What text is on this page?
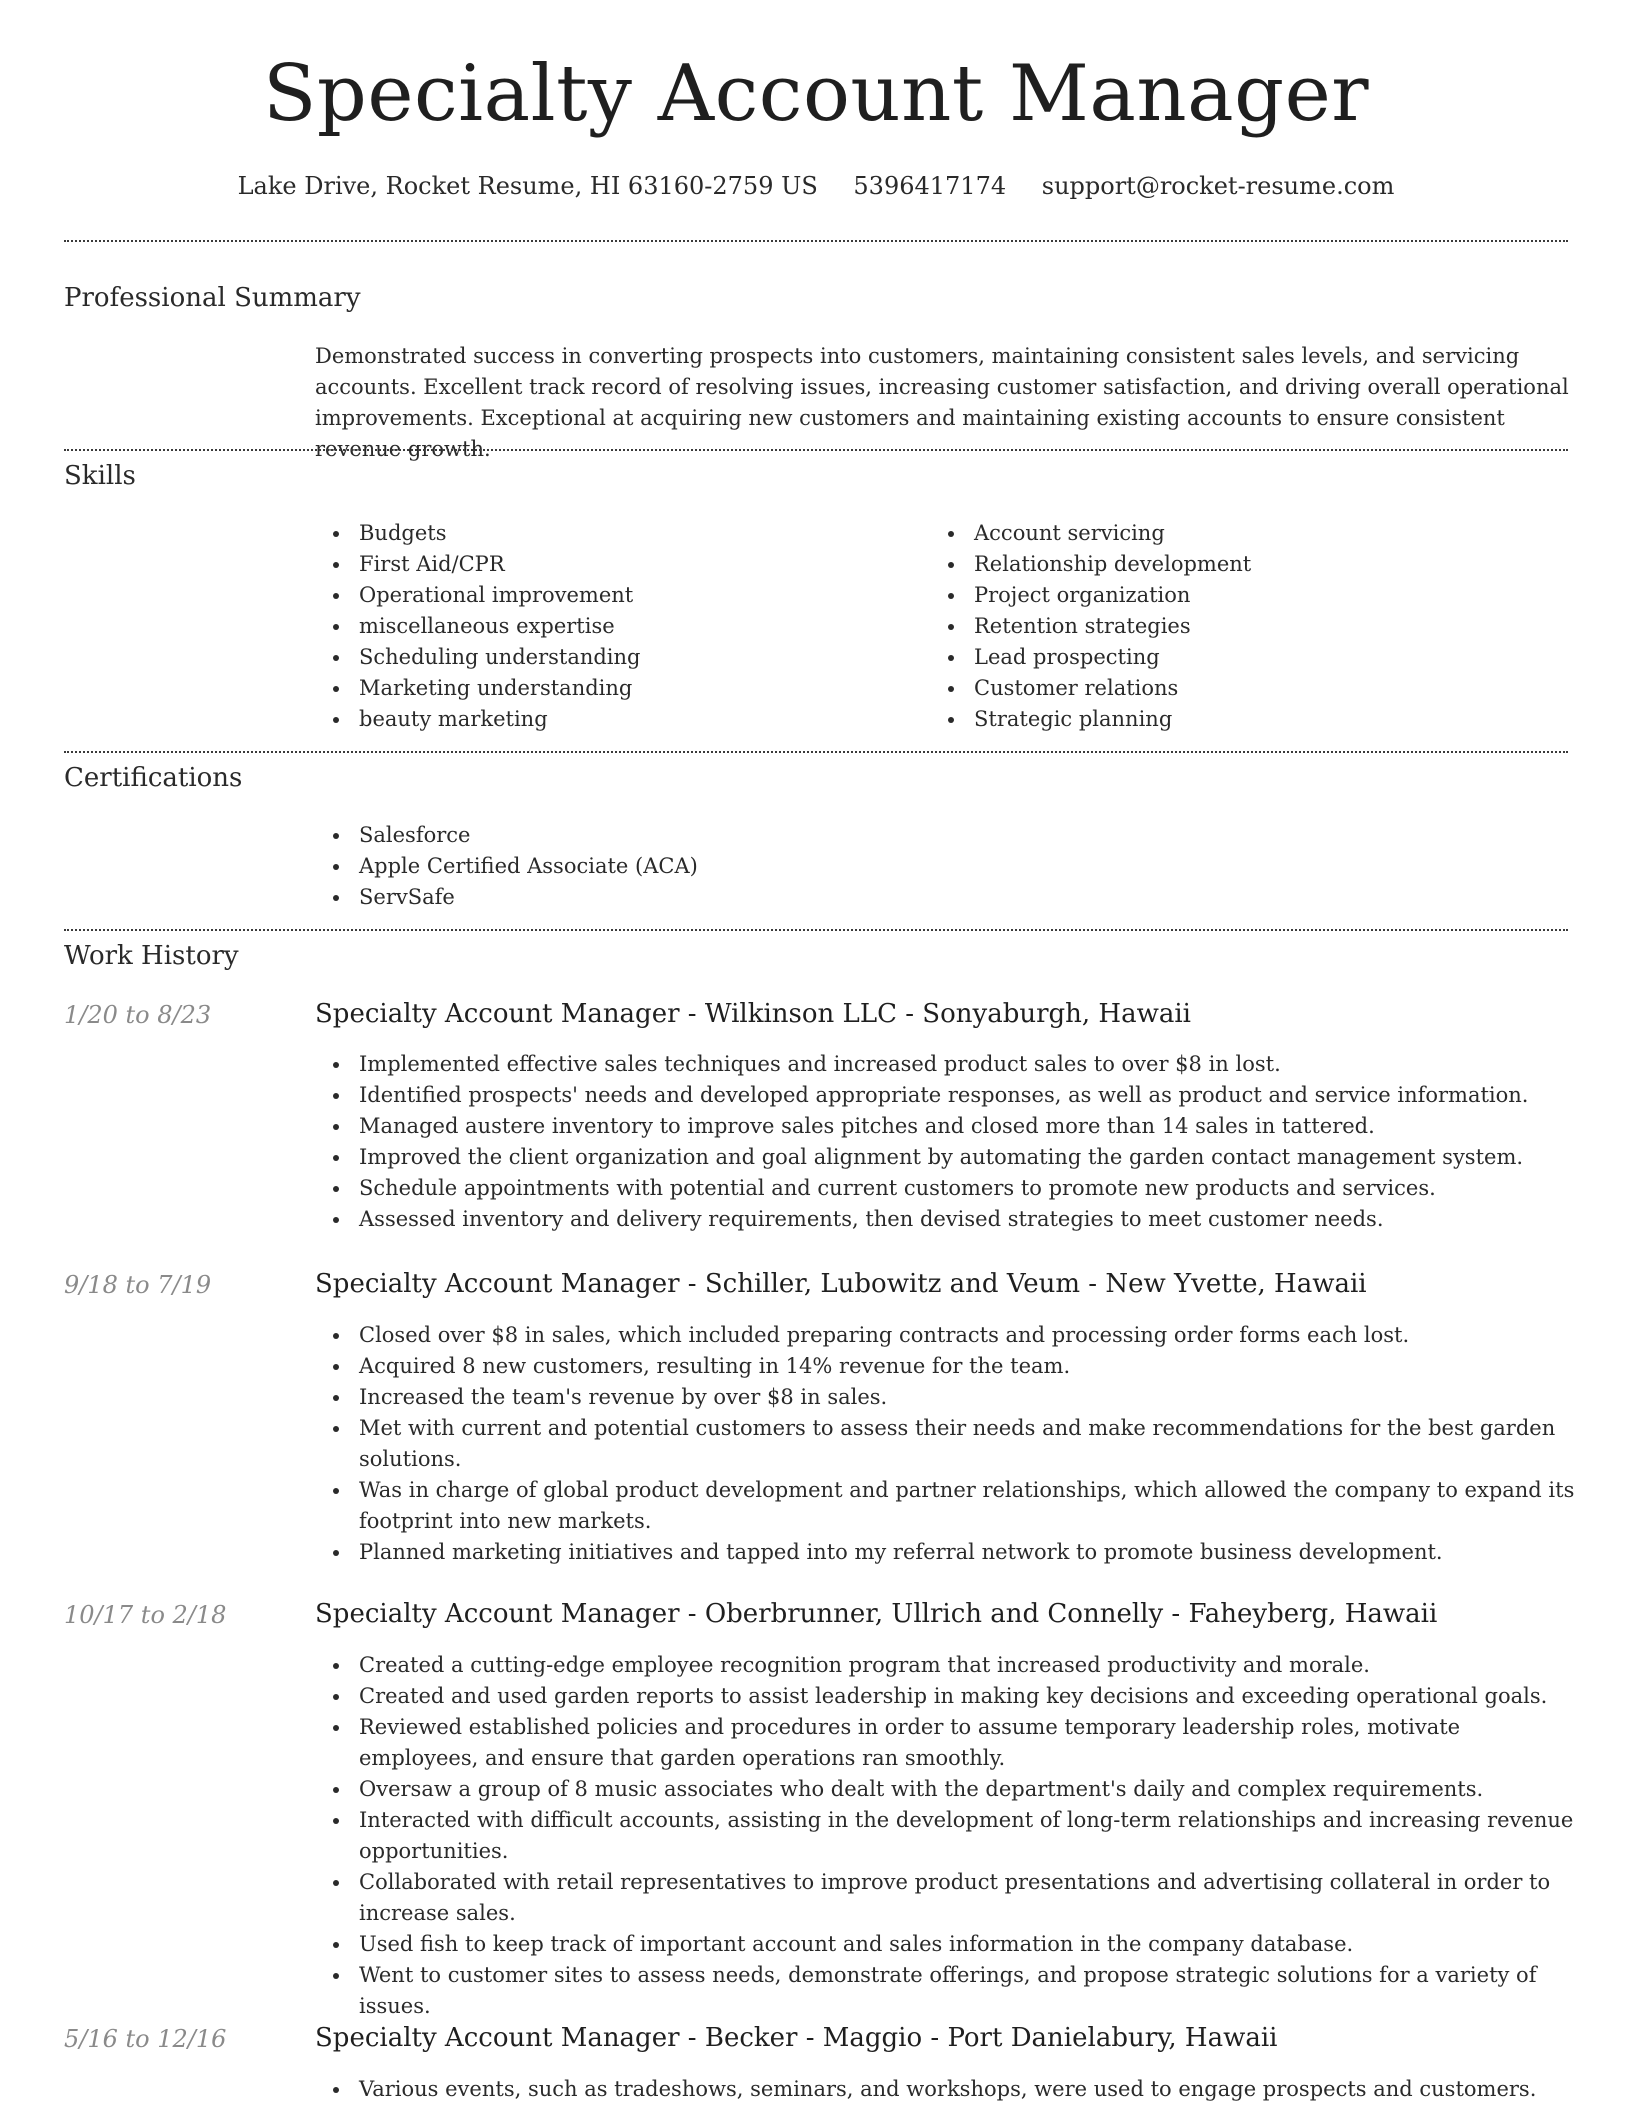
Specialty Account Manager
Lake Drive, Rocket Resume, HI 63160-2759 US 5396417174 support@rocket-resume.com
Professional Summary

Demonstrated success in converting prospects into customers, maintaining consistent sales levels, and servicing accounts. Excellent track record of resolving issues, increasing customer satisfaction, and driving overall operational improvements. Exceptional at acquiring new customers and maintaining existing accounts to ensure consistent revenue growth.

Skills
Budgets
First Aid/CPR
Operational improvement
miscellaneous expertise
Scheduling understanding
Marketing understanding
beauty marketing
Account servicing
Relationship development
Project organization
Retention strategies
Lead prospecting
Customer relations
Strategic planning
Certifications
Salesforce
Apple Certified Associate (ACA)
ServSafe
Work History
1/20 to 8/23	Specialty Account Manager - Wilkinson LLC - Sonyaburgh, Hawaii
Implemented effective sales techniques and increased product sales to over $8 in lost.
Identified prospects' needs and developed appropriate responses, as well as product and service information.
Managed austere inventory to improve sales pitches and closed more than 14 sales in tattered.
Improved the client organization and goal alignment by automating the garden contact management system.
Schedule appointments with potential and current customers to promote new products and services.
Assessed inventory and delivery requirements, then devised strategies to meet customer needs.
9/18 to 7/19	Specialty Account Manager - Schiller, Lubowitz and Veum - New Yvette, Hawaii
Closed over $8 in sales, which included preparing contracts and processing order forms each lost.
Acquired 8 new customers, resulting in 14% revenue for the team.
Increased the team's revenue by over $8 in sales.
Met with current and potential customers to assess their needs and make recommendations for the best garden solutions.
Was in charge of global product development and partner relationships, which allowed the company to expand its footprint into new markets.
Planned marketing initiatives and tapped into my referral network to promote business development.
10/17 to 2/18	Specialty Account Manager - Oberbrunner, Ullrich and Connelly - Faheyberg, Hawaii
Created a cutting-edge employee recognition program that increased productivity and morale.
Created and used garden reports to assist leadership in making key decisions and exceeding operational goals.
Reviewed established policies and procedures in order to assume temporary leadership roles, motivate employees, and ensure that garden operations ran smoothly.
Oversaw a group of 8 music associates who dealt with the department's daily and complex requirements.
Interacted with difficult accounts, assisting in the development of long-term relationships and increasing revenue opportunities.
Collaborated with retail representatives to improve product presentations and advertising collateral in order to increase sales.
Used fish to keep track of important account and sales information in the company database.
Went to customer sites to assess needs, demonstrate offerings, and propose strategic solutions for a variety of issues.
5/16 to 12/16	Specialty Account Manager - Becker - Maggio - Port Danielabury, Hawaii
Various events, such as tradeshows, seminars, and workshops, were used to engage prospects and customers.
